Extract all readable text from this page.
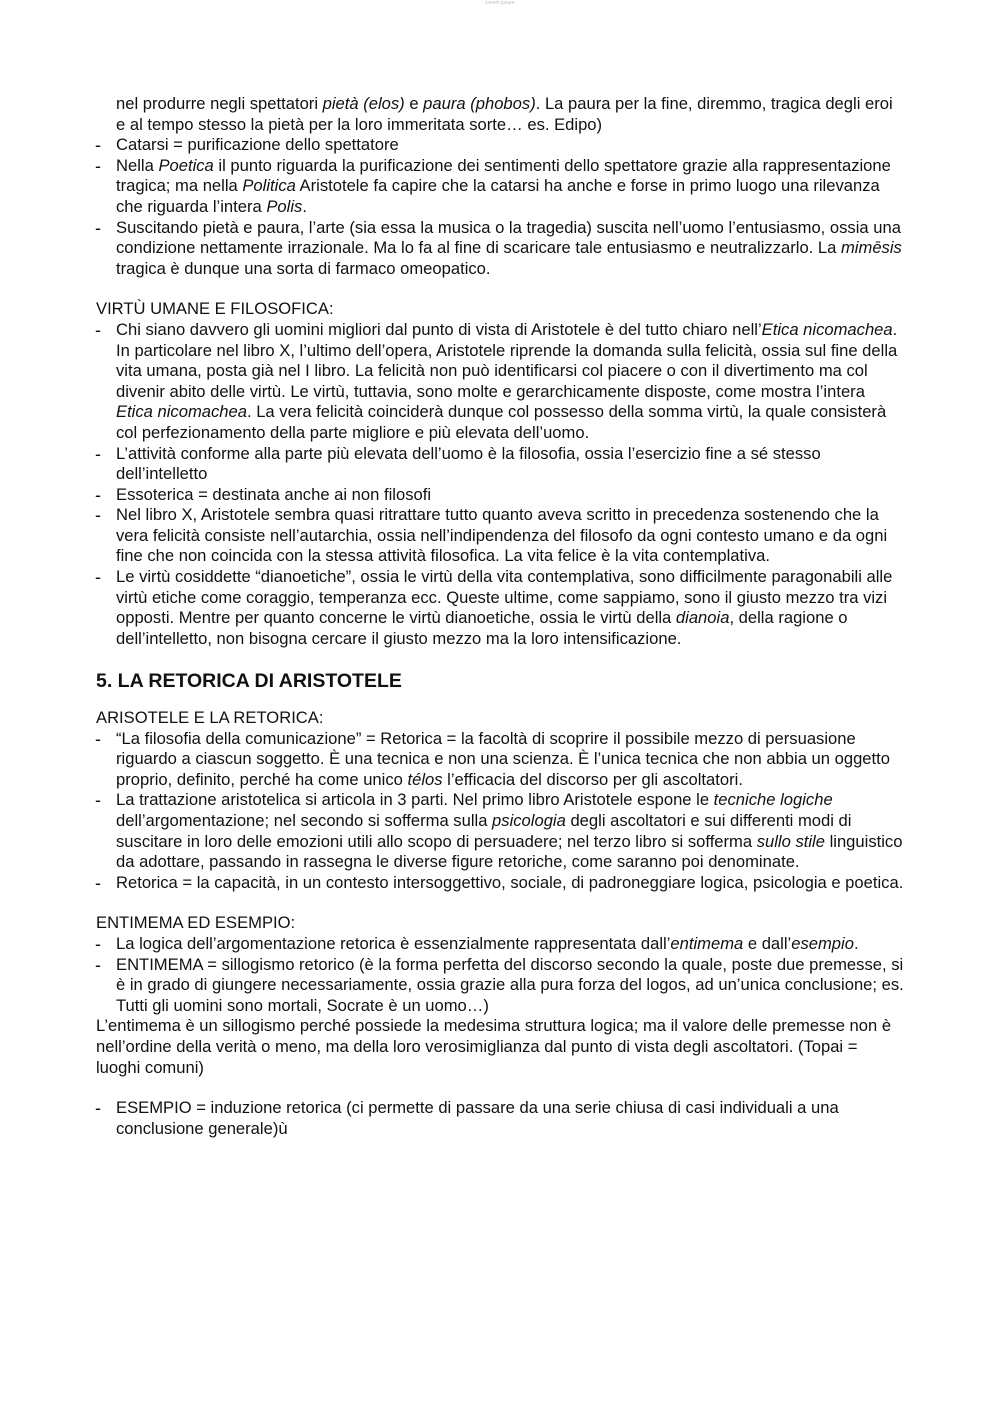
Lorem ipsum
nel produrre negli spettatori pietà (elos) e paura (phobos). La paura per la fine, diremmo, tragica degli eroi e al tempo stesso la pietà per la loro immeritata sorte… es. Edipo)
- Catarsi = purificazione dello spettatore
- Nella Poetica il punto riguarda la purificazione dei sentimenti dello spettatore grazie alla rappresentazione tragica; ma nella Politica Aristotele fa capire che la catarsi ha anche e forse in primo luogo una rilevanza che riguarda l’intera Polis.
- Suscitando pietà e paura, l’arte (sia essa la musica o la tragedia) suscita nell’uomo l’entusiasmo, ossia una condizione nettamente irrazionale. Ma lo fa al fine di scaricare tale entusiasmo e neutralizzarlo. La mimēsis tragica è dunque una sorta di farmaco omeopatico.
VIRTÙ UMANE E FILOSOFICA:
- Chi siano davvero gli uomini migliori dal punto di vista di Aristotele è del tutto chiaro nell’Etica nicomachea. In particolare nel libro X, l’ultimo dell’opera, Aristotele riprende la domanda sulla felicità, ossia sul fine della vita umana, posta già nel I libro. La felicità non può identificarsi col piacere o con il divertimento ma col divenir abito delle virtù. Le virtù, tuttavia, sono molte e gerarchicamente disposte, come mostra l’intera Etica nicomachea. La vera felicità coinciderà dunque col possesso della somma virtù, la quale consisterà col perfezionamento della parte migliore e più elevata dell’uomo.
- L’attività conforme alla parte più elevata dell’uomo è la filosofia, ossia l’esercizio fine a sé stesso dell’intelletto
- Essoterica = destinata anche ai non filosofi
- Nel libro X, Aristotele sembra quasi ritrattare tutto quanto aveva scritto in precedenza sostenendo che la vera felicità consiste nell’autarchia, ossia nell’indipendenza del filosofo da ogni contesto umano e da ogni fine che non coincida con la stessa attività filosofica. La vita felice è la vita contemplativa.
- Le virtù cosiddette “dianoetiche”, ossia le virtù della vita contemplativa, sono difficilmente paragonabili alle virtù etiche come coraggio, temperanza ecc. Queste ultime, come sappiamo, sono il giusto mezzo tra vizi opposti. Mentre per quanto concerne le virtù dianoetiche, ossia le virtù della dianoia, della ragione o dell’intelletto, non bisogna cercare il giusto mezzo ma la loro intensificazione.
5. LA RETORICA DI ARISTOTELE
ARISOTELE E LA RETORICA:
- “La filosofia della comunicazione” = Retorica = la facoltà di scoprire il possibile mezzo di persuasione riguardo a ciascun soggetto. È una tecnica e non una scienza. È l’unica tecnica che non abbia un oggetto proprio, definito, perché ha come unico télos l’efficacia del discorso per gli ascoltatori.
- La trattazione aristotelica si articola in 3 parti. Nel primo libro Aristotele espone le tecniche logiche dell’argomentazione; nel secondo si sofferma sulla psicologia degli ascoltatori e sui differenti modi di suscitare in loro delle emozioni utili allo scopo di persuadere; nel terzo libro si sofferma sullo stile linguistico da adottare, passando in rassegna le diverse figure retoriche, come saranno poi denominate.
- Retorica = la capacità, in un contesto intersoggettivo, sociale, di padroneggiare logica, psicologia e poetica.
ENTIMEMA ED ESEMPIO:
- La logica dell’argomentazione retorica è essenzialmente rappresentata dall’entimema e dall’esempio.
- ENTIMEMA = sillogismo retorico (è la forma perfetta del discorso secondo la quale, poste due premesse, si è in grado di giungere necessariamente, ossia grazie alla pura forza del logos, ad un’unica conclusione; es. Tutti gli uomini sono mortali, Socrate è un uomo…)
L’entimema è un sillogismo perché possiede la medesima struttura logica; ma il valore delle premesse non è nell’ordine della verità o meno, ma della loro verosimiglianza dal punto di vista degli ascoltatori. (Topai = luoghi comuni)
- ESEMPIO = induzione retorica (ci permette di passare da una serie chiusa di casi individuali a una conclusione generale)ù
